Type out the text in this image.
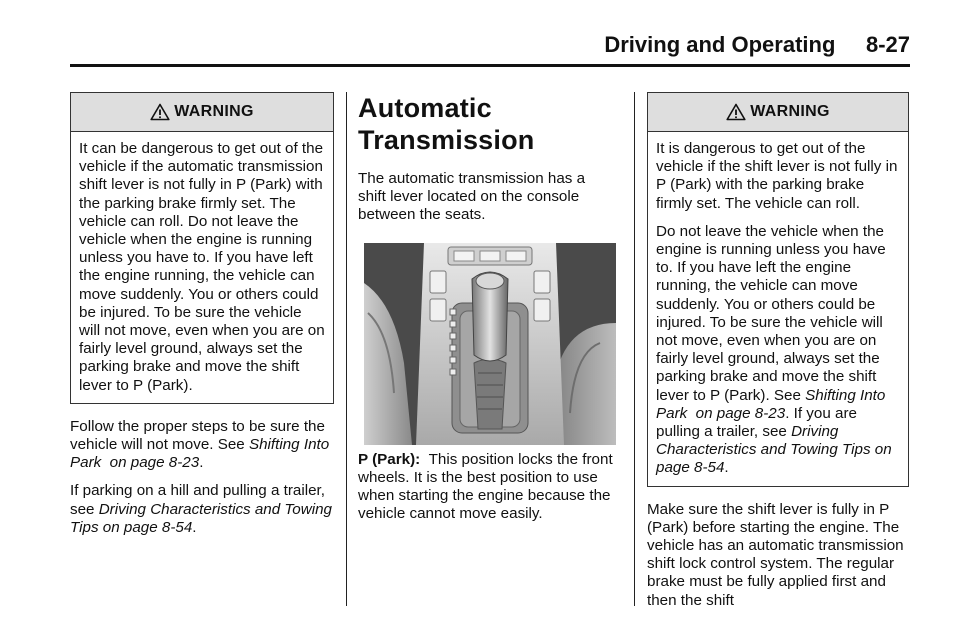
Driving and Operating 8-27
WARNING

It can be dangerous to get out of the vehicle if the automatic transmission shift lever is not fully in P (Park) with the parking brake firmly set. The vehicle can roll. Do not leave the vehicle when the engine is running unless you have to. If you have left the engine running, the vehicle can move suddenly. You or others could be injured. To be sure the vehicle will not move, even when you are on fairly level ground, always set the parking brake and move the shift lever to P (Park).

Follow the proper steps to be sure the vehicle will not move. See Shifting Into Park  on page 8-23.

If parking on a hill and pulling a trailer, see Driving Characteristics and Towing Tips on page 8-54.

Automatic Transmission

The automatic transmission has a shift lever located on the console between the seats.

P (Park): This position locks the front wheels. It is the best position to use when starting the engine because the vehicle cannot move easily.

WARNING

It is dangerous to get out of the vehicle if the shift lever is not fully in P (Park) with the parking brake firmly set. The vehicle can roll.

Do not leave the vehicle when the engine is running unless you have to. If you have left the engine running, the vehicle can move suddenly. You or others could be injured. To be sure the vehicle will not move, even when you are on fairly level ground, always set the parking brake and move the shift lever to P (Park). See Shifting Into Park  on page 8-23. If you are pulling a trailer, see Driving Characteristics and Towing Tips on page 8-54.

Make sure the shift lever is fully in P (Park) before starting the engine. The vehicle has an automatic transmission shift lock control system. The regular brake must be fully applied first and then the shift
